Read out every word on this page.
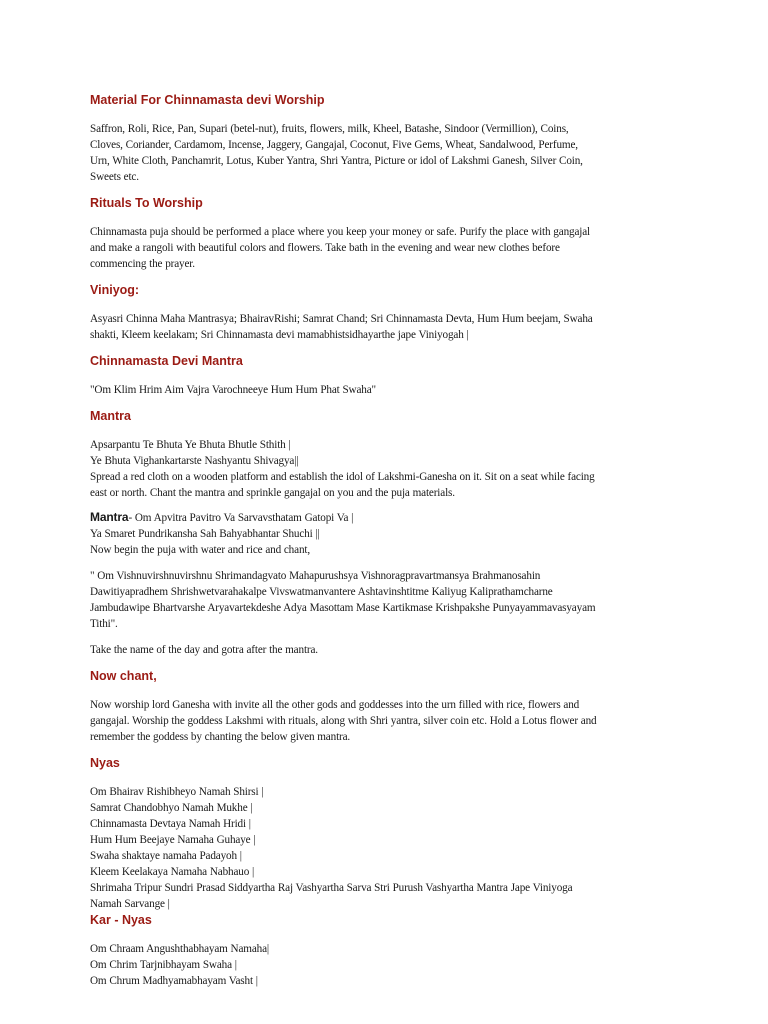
Material For Chinnamasta devi Worship

Saffron, Roli, Rice, Pan, Supari (betel-nut), fruits, flowers, milk, Kheel, Batashe, Sindoor (Vermillion), Coins,
Cloves, Coriander, Cardamom, Incense, Jaggery, Gangajal, Coconut, Five Gems, Wheat, Sandalwood, Perfume,
Urn, White Cloth, Panchamrit, Lotus, Kuber Yantra, Shri Yantra, Picture or idol of Lakshmi Ganesh, Silver Coin,
Sweets etc.

Rituals To Worship

Chinnamasta puja should be performed a place where you keep your money or safe. Purify the place with gangajal
and make a rangoli with beautiful colors and flowers. Take bath in the evening and wear new clothes before
commencing the prayer.

Viniyog:

Asyasri Chinna Maha Mantrasya; BhairavRishi; Samrat Chand; Sri Chinnamasta Devta, Hum Hum beejam, Swaha
shakti, Kleem keelakam; Sri Chinnamasta devi mamabhistsidhayarthe jape Viniyogah |

Chinnamasta Devi Mantra

"Om Klim Hrim Aim Vajra Varochneeye Hum Hum Phat Swaha"

Mantra

Apsarpantu Te Bhuta Ye Bhuta Bhutle Sthith |
Ye Bhuta Vighankartarste Nashyantu Shivagya||
Spread a red cloth on a wooden platform and establish the idol of Lakshmi-Ganesha on it. Sit on a seat while facing
east or north. Chant the mantra and sprinkle gangajal on you and the puja materials.

Mantra- Om Apvitra Pavitro Va Sarvavsthatam Gatopi Va |
Ya Smaret Pundrikansha Sah Bahyabhantar Shuchi ||
Now begin the puja with water and rice and chant,

" Om Vishnuvirshnuvirshnu Shrimandagvato Mahapurushsya Vishnoragpravartmansya Brahmanosahin
Dawitiyapradhem Shrishwetvarahakalpe Vivswatmanvantere Ashtavinshtitme Kaliyug Kaliprathamcharne
Jambudawipe Bhartvarshe Aryavartekdeshe Adya Masottam Mase Kartikmase Krishpakshe Punyayammavasyayam
Tithi".

Take the name of the day and gotra after the mantra.

Now chant,

Now worship lord Ganesha with invite all the other gods and goddesses into the urn filled with rice, flowers and
gangajal. Worship the goddess Lakshmi with rituals, along with Shri yantra, silver coin etc. Hold a Lotus flower and
remember the goddess by chanting the below given mantra.

Nyas

Om Bhairav Rishibheyo Namah Shirsi |
Samrat Chandobhyo Namah Mukhe |
Chinnamasta Devtaya Namah Hridi |
Hum Hum Beejaye Namaha Guhaye |
Swaha shaktaye namaha Padayoh |
Kleem Keelakaya Namaha Nabhauo |
Shrimaha Tripur Sundri Prasad Siddyartha Raj Vashyartha Sarva Stri Purush Vashyartha Mantra Jape Viniyoga
Namah Sarvange |

Kar - Nyas

Om Chraam Angushthabhayam Namaha|
Om Chrim Tarjnibhayam Swaha |
Om Chrum Madhyamabhayam Vasht |
